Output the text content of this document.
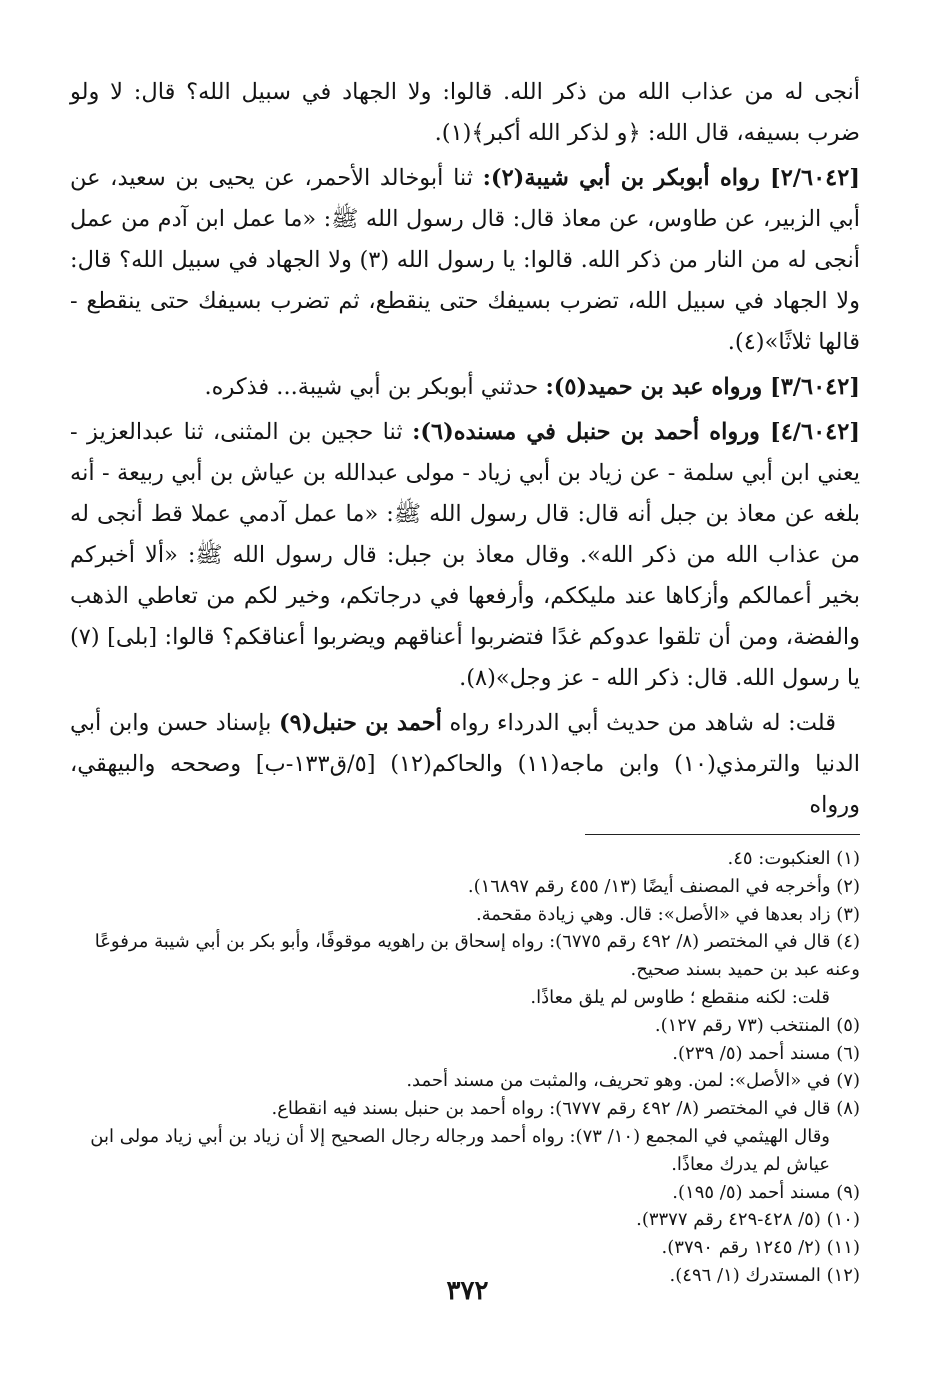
أنجى له من عذاب الله من ذكر الله. قالوا: ولا الجهاد في سبيل الله؟ قال: لا ولو ضرب بسيفه، قال الله: ﴿و لذكر الله أكبر﴾(١).

[٢/٦٠٤٢] رواه أبوبكر بن أبي شيبة(٢): ثنا أبوخالد الأحمر، عن يحيى بن سعيد، عن أبي الزبير، عن طاوس، عن معاذ قال: قال رسول الله ﷺ: «ما عمل ابن آدم من عمل أنجى له من النار من ذكر الله. قالوا: يا رسول الله (٣) ولا الجهاد في سبيل الله؟ قال: ولا الجهاد في سبيل الله، تضرب بسيفك حتى ينقطع، ثم تضرب بسيفك حتى ينقطع - قالها ثلاثًا»(٤).

[٣/٦٠٤٢] ورواه عبد بن حميد(٥): حدثني أبوبكر بن أبي شيبة... فذكره.

[٤/٦٠٤٢] ورواه أحمد بن حنبل في مسنده(٦): ثنا حجين بن المثنى، ثنا عبدالعزيز - يعني ابن أبي سلمة - عن زياد بن أبي زياد - مولى عبدالله بن عياش بن أبي ربيعة - أنه بلغه عن معاذ بن جبل أنه قال: قال رسول الله ﷺ: «ما عمل آدمي عملا قط أنجى له من عذاب الله من ذكر الله». وقال معاذ بن جبل: قال رسول الله ﷺ: «ألا أخبركم بخير أعمالكم وأزكاها عند مليككم، وأرفعها في درجاتكم، وخير لكم من تعاطي الذهب والفضة، ومن أن تلقوا عدوكم غدًا فتضربوا أعناقهم ويضربوا أعناقكم؟ قالوا: [بلى] (٧) يا رسول الله. قال: ذكر الله - عز وجل»(٨).

قلت: له شاهد من حديث أبي الدرداء رواه أحمد بن حنبل(٩) بإسناد حسن وابن أبي الدنيا والترمذي(١٠) وابن ماجه(١١) والحاكم(١٢) [٥/ق١٣٣-ب] وصححه والبيهقي، ورواه

(١) العنكبوت: ٤٥.

(٢) وأخرجه في المصنف أيضًا (١٣/ ٤٥٥ رقم ١٦٨٩٧).

(٣) زاد بعدها في «الأصل»: قال. وهي زيادة مقحمة.

(٤) قال في المختصر (٨/ ٤٩٢ رقم ٦٧٧٥): رواه إسحاق بن راهويه موقوفًا، وأبو بكر بن أبي شيبة مرفوعًا وعنه عبد بن حميد بسند صحيح.

قلت: لكنه منقطع ؛ طاوس لم يلق معاذًا.

(٥) المنتخب (٧٣ رقم ١٢٧).

(٦) مسند أحمد (٥/ ٢٣٩).

(٧) في «الأصل»: لمن. وهو تحريف، والمثبت من مسند أحمد.

(٨) قال في المختصر (٨/ ٤٩٢ رقم ٦٧٧٧): رواه أحمد بن حنبل بسند فيه انقطاع.

وقال الهيثمي في المجمع (١٠/ ٧٣): رواه أحمد ورجاله رجال الصحيح إلا أن زياد بن أبي زياد مولى ابن عياش لم يدرك معاذًا.

(٩) مسند أحمد (٥/ ١٩٥).

(١٠) (٥/ ٤٢٨-٤٢٩ رقم ٣٣٧٧).

(١١) (٢/ ١٢٤٥ رقم ٣٧٩٠).

(١٢) المستدرك (١/ ٤٩٦).

٣٧٢
